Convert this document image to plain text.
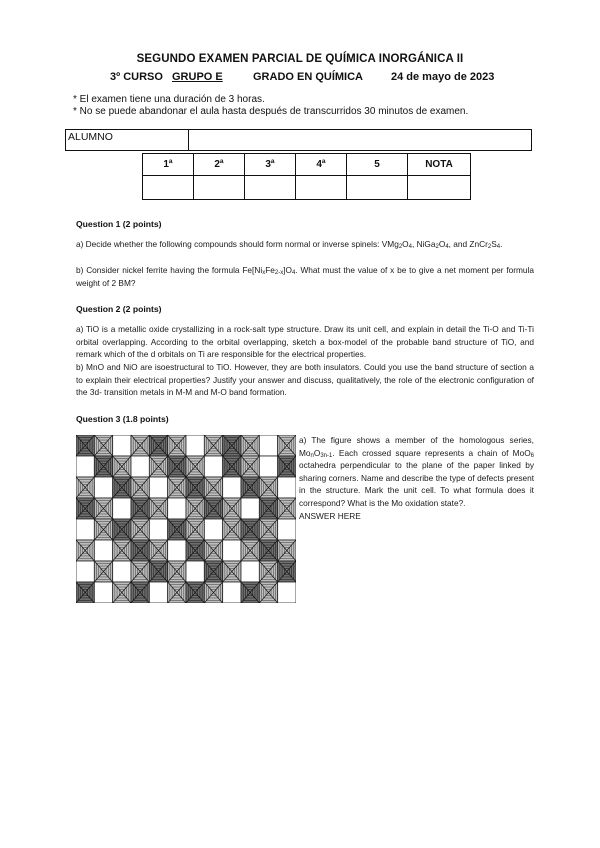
SEGUNDO EXAMEN PARCIAL DE QUÍMICA INORGÁNICA II
3º CURSO GRUPO E	GRADO EN QUÍMICA	24 de mayo de 2023
* El examen tiene una duración de 3 horas.
* No se puede abandonar el aula hasta después de transcurridos 30 minutos de examen.
ALUMNO
1ª	2ª	3ª	4ª	5	NOTA

Question 1 (2 points)
a) Decide whether the following compounds should form normal or inverse spinels: $VMg_2O_4$, $NiGa_2O_4$, and $ZnCr_2S_4$.
b) Consider nickel ferrite having the formula $Fe[Ni_xFe_{2-x}]O_4$. What must the value of x be to give a net moment per formula weight of 2 BM?
Question 2 (2 points)
a) TiO is a metallic oxide crystallizing in a rock-salt type structure. Draw its unit cell, and explain in detail the Ti-O and Ti-Ti orbital overlapping. According to the orbital overlapping, sketch a box-model of the probable band structure of TiO, and remark which of the d orbitals on Ti are responsible for the electrical properties.
b) MnO and NiO are isoestructural to TiO. However, they are both insulators. Could you use the band structure of section a to explain their electrical properties? Justify your answer and discuss, qualitatively, the role of the electronic configuration of the 3d- transition metals in M-M and M-O band formation.
Question 3 (1.8 points)
a) The figure shows a member of the homologous series, $Mo_nO_{3n-1}$. Each crossed square represents a chain of MoO$_6$ octahedra perpendicular to the plane of the paper linked by sharing corners. Name and describe the type of defects present in the structure. Mark the unit cell. To what formula does it correspond? What is the Mo oxidation state?.
ANSWER HERE
